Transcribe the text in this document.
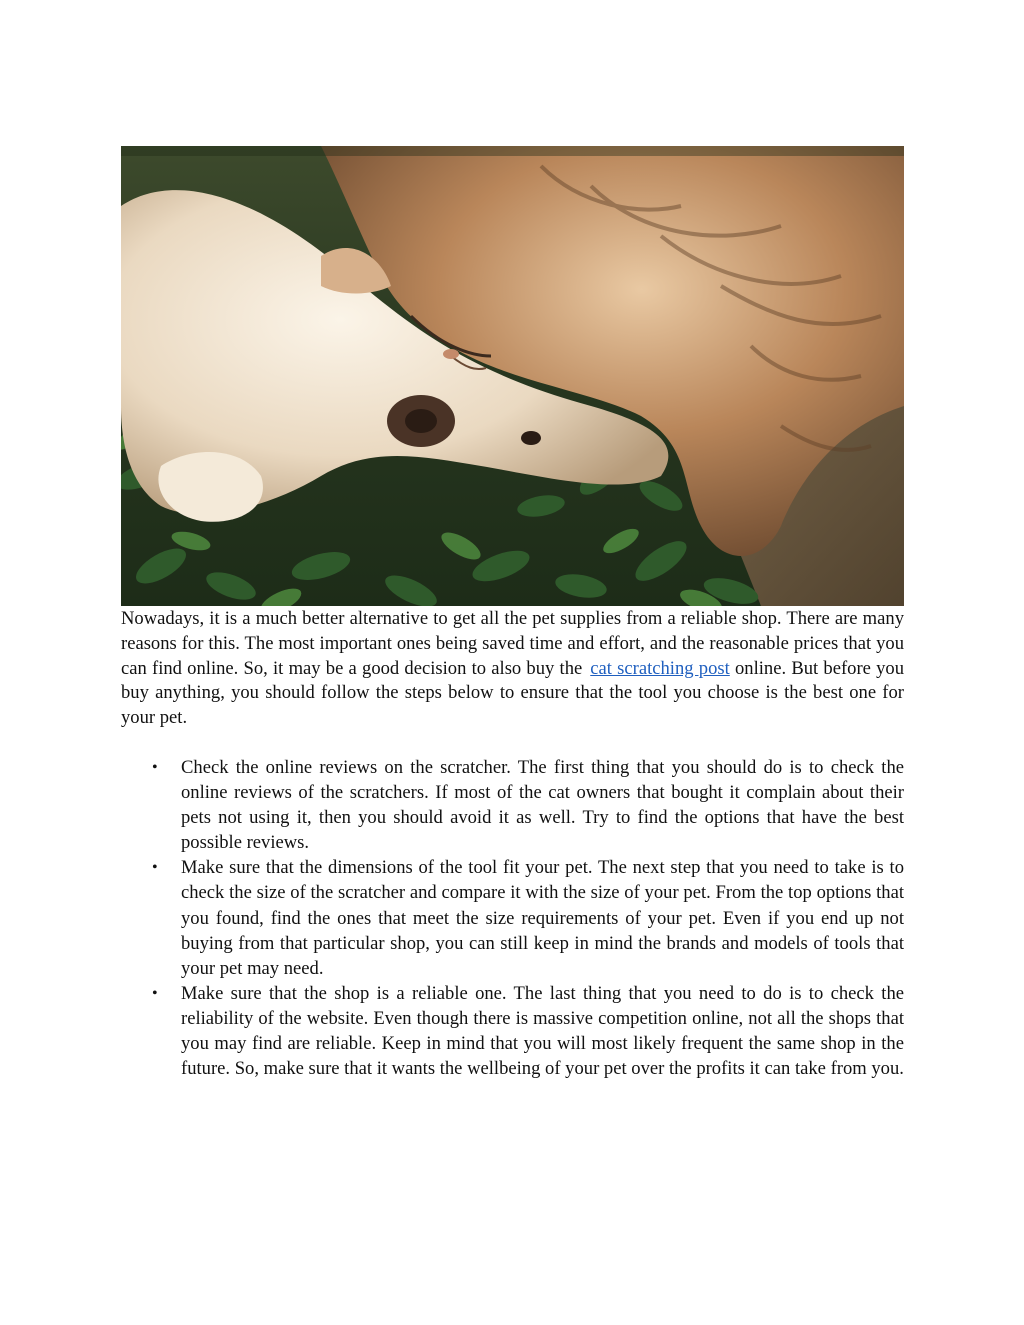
Nowadays, it is a much better alternative to get all the pet supplies from a reliable shop. There are many reasons for this. The most important ones being saved time and effort, and the reasonable prices that you can find online. So, it may be a good decision to also buy the cat scratching post online. But before you buy anything, you should follow the steps below to ensure that the tool you choose is the best one for your pet.

• Check the online reviews on the scratcher. The first thing that you should do is to check the online reviews of the scratchers. If most of the cat owners that bought it complain about their pets not using it, then you should avoid it as well. Try to find the options that have the best possible reviews.
• Make sure that the dimensions of the tool fit your pet. The next step that you need to take is to check the size of the scratcher and compare it with the size of your pet. From the top options that you found, find the ones that meet the size requirements of your pet. Even if you end up not buying from that particular shop, you can still keep in mind the brands and models of tools that your pet may need.
• Make sure that the shop is a reliable one. The last thing that you need to do is to check the reliability of the website. Even though there is massive competition online, not all the shops that you may find are reliable. Keep in mind that you will most likely frequent the same shop in the future. So, make sure that it wants the wellbeing of your pet over the profits it can take from you.
